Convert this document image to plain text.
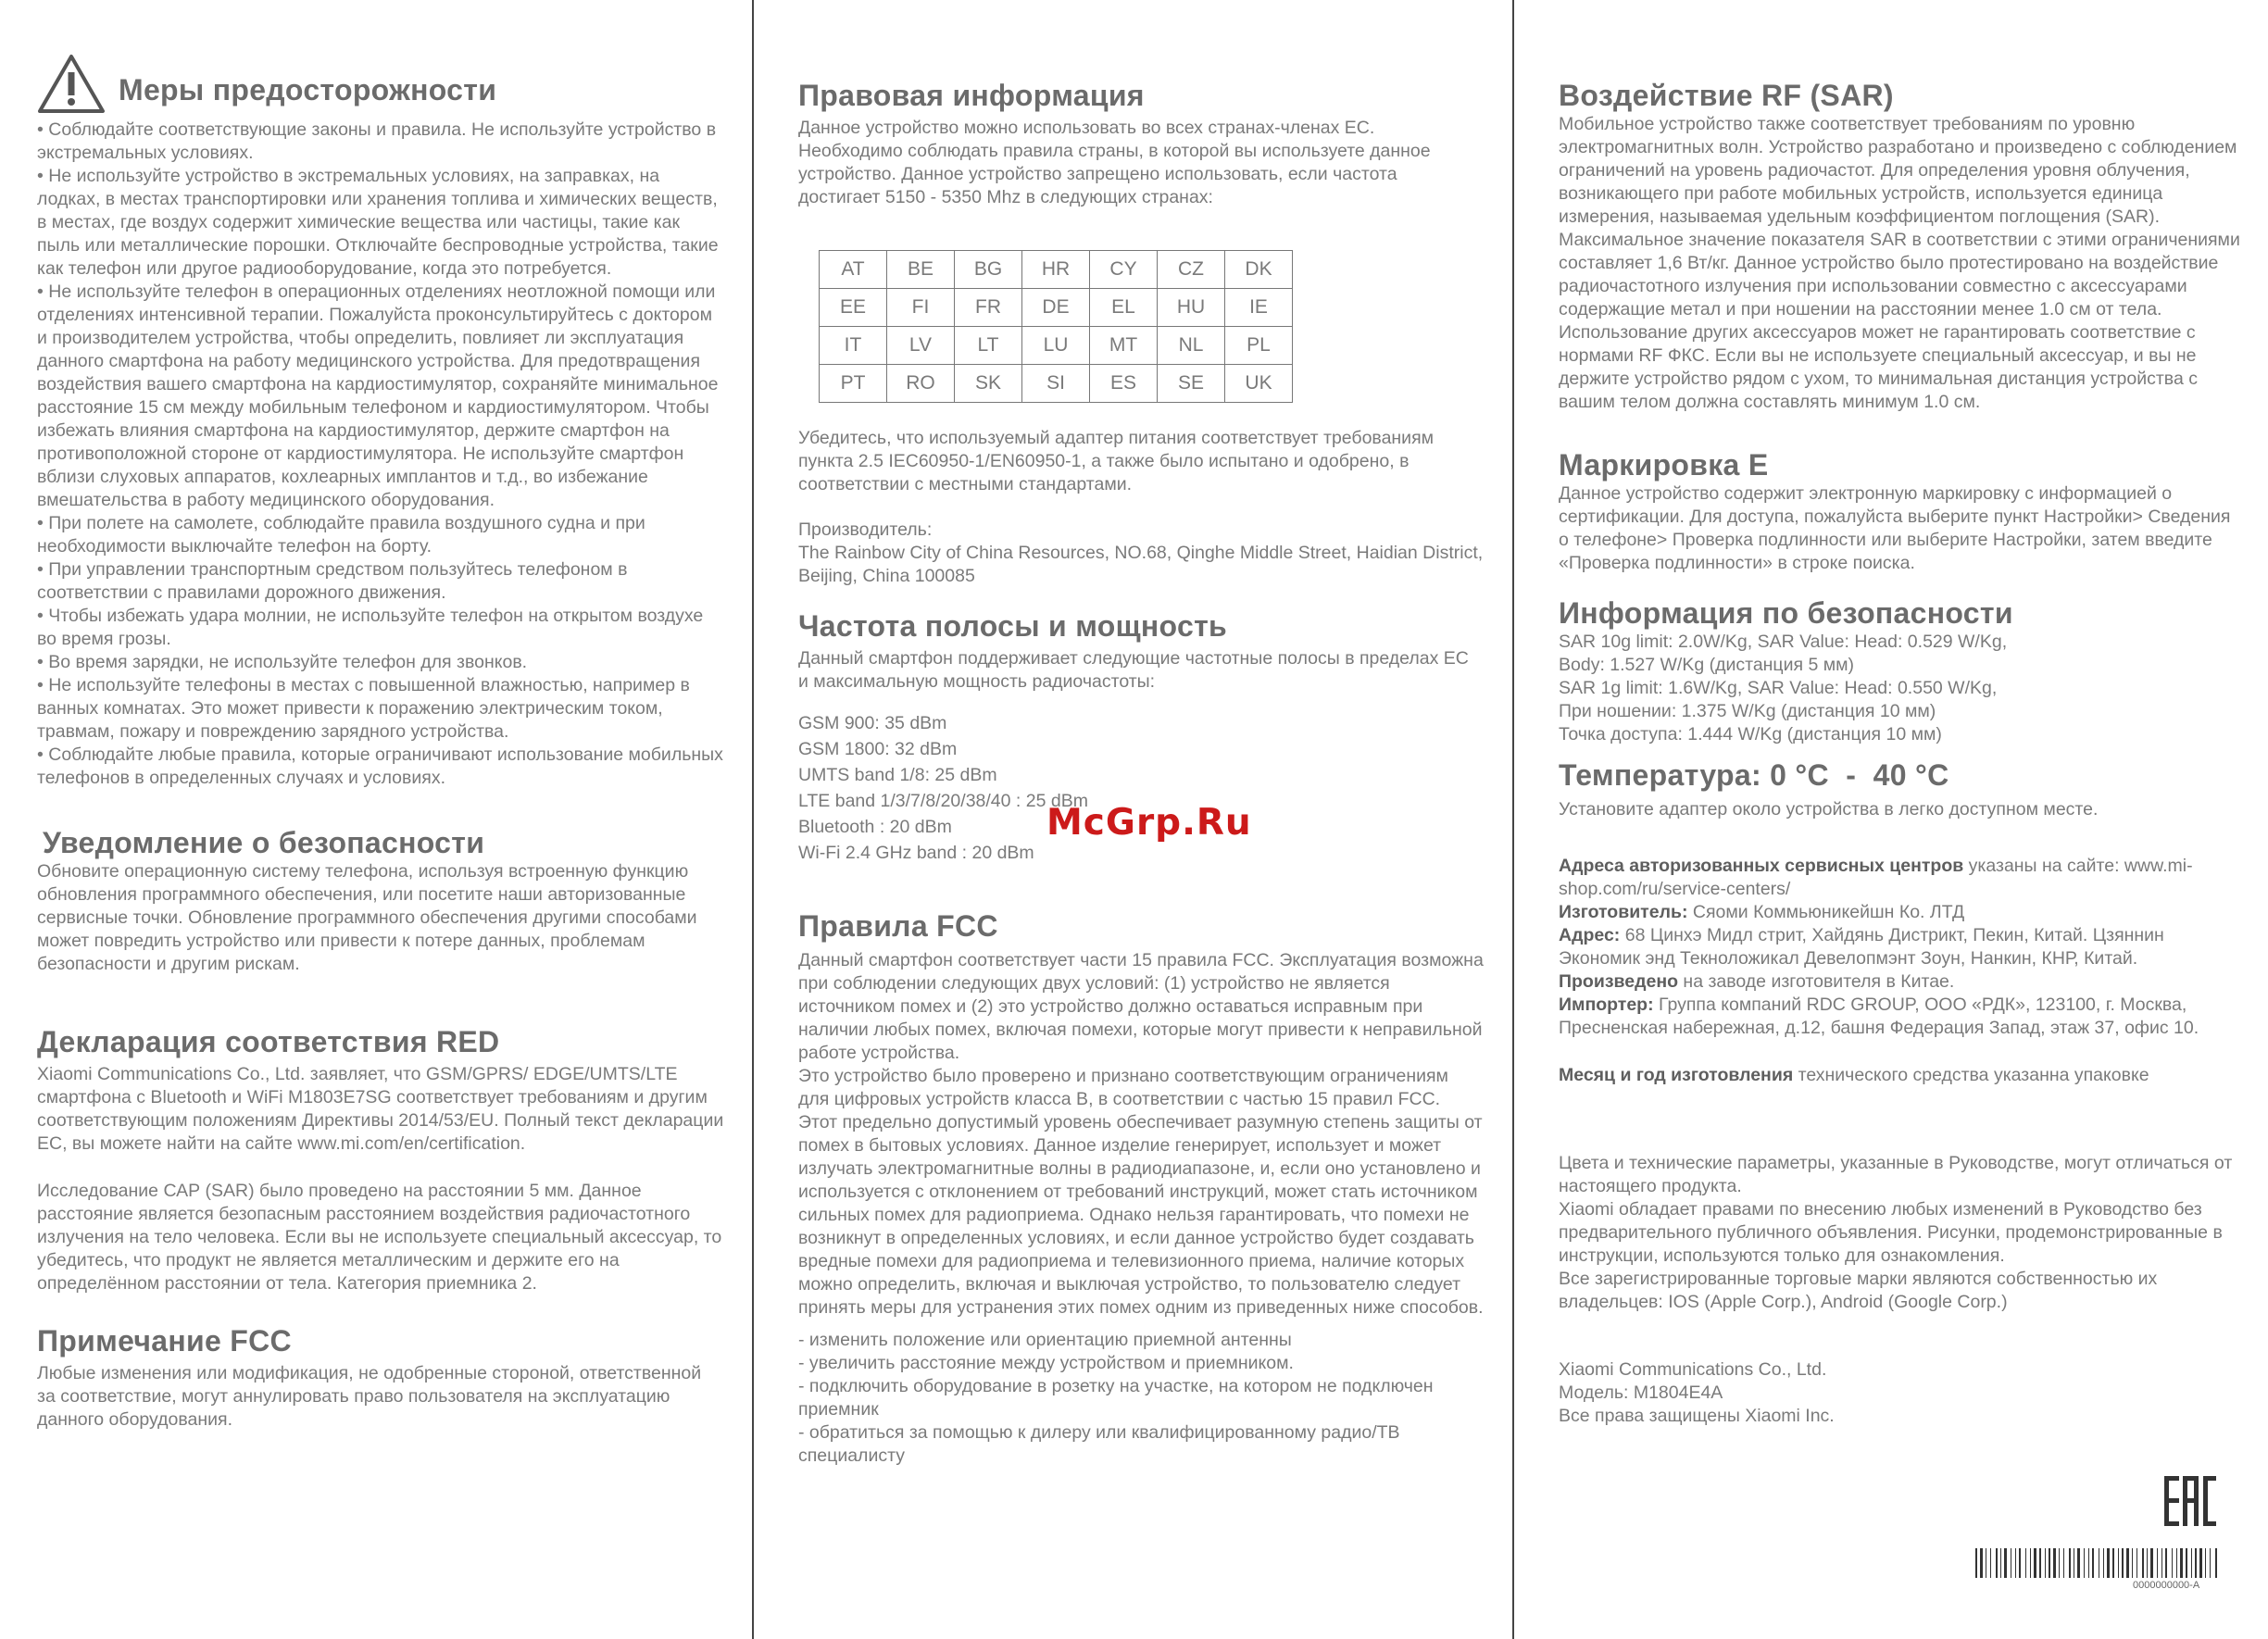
Меры предосторожности

• Соблюдайте соответствующие законы и правила. Не используйте устройство в экстремальных условиях.

• Не используйте устройство в экстремальных условиях, на заправках, на лодках, в местах транспортировки или хранения топлива и химических веществ, в местах, где воздух содержит химические вещества или частицы, такие как пыль или металлические порошки. Отключайте беспроводные устройства, такие как телефон или другое радиооборудование, когда это потребуется.

• Не используйте телефон в операционных отделениях неотложной помощи или отделениях интенсивной терапии. Пожалуйста проконсультируйтесь с доктором и производителем устройства, чтобы определить, повлияет ли эксплуатация данного смартфона на работу медицинского устройства. Для предотвращения воздействия вашего смартфона на кардиостимулятор, сохраняйте минимальное расстояние 15 см между мобильным телефоном и кардиостимулятором. Чтобы избежать влияния смартфона на кардиостимулятор, держите смартфон на противоположной стороне от кардиостимулятора. Не используйте смартфон вблизи слуховых аппаратов, кохлеарных имплантов и т.д., во избежание вмешательства в работу медицинского оборудования.

• При полете на самолете, соблюдайте правила воздушного судна и при необходимости выключайте телефон на борту.

• При управлении транспортным средством пользуйтесь телефоном в соответствии с правилами дорожного движения.

• Чтобы избежать удара молнии, не используйте телефон на открытом воздухе во время грозы.

• Во время зарядки, не используйте телефон для звонков.

• Не используйте телефоны в местах с повышенной влажностью, например в ванных комнатах. Это может привести к поражению электрическим током, травмам, пожару и повреждению зарядного устройства.

• Соблюдайте любые правила, которые ограничивают использование мобильных телефонов в определенных случаях и условиях.

Уведомление о безопасности

Обновите операционную систему телефона, используя встроенную функцию обновления программного обеспечения, или посетите наши авторизованные сервисные точки. Обновление программного обеспечения другими способами может повредить устройство или привести к потере данных, проблемам безопасности и другим рискам.

Декларация соответствия RED

Xiaomi Communications Co., Ltd. заявляет, что GSM/GPRS/ EDGE/UMTS/LTE смартфона с Bluetooth и WiFi M1803E7SG соответствует требованиям и другим соответствующим положениям Директивы 2014/53/EU. Полный текст декларации ЕС, вы можете найти на сайте www.mi.com/en/certification.

Исследование САР (SAR) было проведено на расстоянии 5 мм. Данное расстояние является безопасным расстоянием воздействия радиочастотного излучения на тело человека. Если вы не используете специальный аксессуар, то убедитесь, что продукт не является металлическим и держите его на определённом расстоянии от тела. Категория приемника 2.

Примечание FCC

Любые изменения или модификация, не одобренные стороной, ответственной за соответствие, могут аннулировать право пользователя на эксплуатацию данного оборудования.

Правовая информация

Данное устройство можно использовать во всех странах-членах ЕС. Необходимо соблюдать правила страны, в которой вы используете данное устройство. Данное устройство запрещено использовать, если частота достигает 5150 - 5350 Mhz в следующих странах:

AT	BE	BG	HR	CY	CZ	DK
EE	FI	FR	DE	EL	HU	IE
IT	LV	LT	LU	MT	NL	PL
PT	RO	SK	SI	ES	SE	UK

Убедитесь, что используемый адаптер питания соответствует требованиям пункта 2.5 IEC60950-1/EN60950-1, а также было испытано и одобрено, в соответствии с местными стандартами.

Производитель:

The Rainbow City of China Resources, NO.68, Qinghe Middle Street, Haidian District, Beijing, China 100085

Частота полосы и мощность

Данный смартфон поддерживает следующие частотные полосы в пределах ЕС и максимальную мощность радиочастоты:

GSM 900: 35 dBm

GSM 1800: 32 dBm

UMTS band 1/8: 25 dBm

LTE band 1/3/7/8/20/38/40 : 25 dBm

Bluetooth : 20 dBm

Wi-Fi 2.4 GHz band : 20 dBm

Правила FCC

Данный смартфон соответствует части 15 правила FCC. Эксплуатация возможна при соблюдении следующих двух условий: (1) устройство не является источником помех и (2) это устройство должно оставаться исправным при наличии любых помех, включая помехи, которые могут привести к неправильной работе устройства.
Это устройство было проверено и признано соответствующим ограничениям для цифровых устройств класса B, в соответствии с частью 15 правил FCC. Этот предельно допустимый уровень обеспечивает разумную степень защиты от помех в бытовых условиях. Данное изделие генерирует, использует и может излучать электромагнитные волны в радиодиапазоне, и, если оно установлено и используется с отклонением от требований инструкций, может стать источником сильных помех для радиоприема. Однако нельзя гарантировать, что помехи не возникнут в определенных условиях, и если данное устройство будет создавать вредные помехи для радиоприема и телевизионного приема, наличие которых можно определить, включая и выключая устройство, то пользователю следует принять меры для устранения этих помех одним из приведенных ниже способов.

- изменить положение или ориентацию приемной антенны

- увеличить расстояние между устройством и приемником.

- подключить оборудование в розетку на участке, на котором не подключен приемник

- обратиться за помощью к дилеру или квалифицированному радио/ТВ специалисту

Воздействие RF (SAR)

Мобильное устройство также соответствует требованиям по уровню электромагнитных волн. Устройство разработано и произведено с соблюдением ограничений на уровень радиочастот. Для определения уровня облучения, возникающего при работе мобильных устройств, используется единица измерения, называемая удельным коэффициентом поглощения (SAR). Максимальное значение показателя SAR в соответствии с этими ограничениями составляет 1,6 Вт/кг. Данное устройство было протестировано на воздействие радиочастотного излучения при использовании совместно с аксессуарами содержащие метал и при ношении на расстоянии менее 1.0 см от тела. Использование других аксессуаров может не гарантировать соответствие с нормами RF ФКС. Если вы не используете специальный аксессуар, и вы не держите устройство рядом с ухом, то минимальная дистанция устройства с вашим телом должна составлять минимум 1.0 см.

Маркировка E

Данное устройство содержит электронную маркировку с информацией о сертификации. Для доступа, пожалуйста выберите пункт Настройки> Сведения о телефоне> Проверка подлинности или выберите Настройки, затем введите «Проверка подлинности» в строке поиска.

Информация по безопасности

SAR 10g limit: 2.0W/Kg, SAR Value: Head: 0.529 W/Kg,

Body: 1.527 W/Kg (дистанция 5 мм)

SAR 1g limit: 1.6W/Kg, SAR Value: Head: 0.550 W/Kg,

При ношении: 1.375 W/Kg (дистанция 10 мм)

Точка доступа: 1.444 W/Kg (дистанция 10 мм)

Температура: 0 °C  -  40 °C

Установите адаптер около устройства в легко доступном месте.

Адреса авторизованных сервисных центров указаны на сайте: www.mi-shop.com/ru/service-centers/

Изготовитель: Сяоми Коммьюникейшн Ко. ЛТД

Адрес: 68 Цинхэ Мидл стрит, Хайдянь Дистрикт, Пекин, Китай. Цзяннин Экономик энд Текноложикал Девелопмэнт Зоун, Нанкин, КНР, Китай.

Произведено на заводе изготовителя в Китае.

Импортер: Группа компаний RDC GROUP, ООО «РДК», 123100, г. Москва, Пресненская набережная, д.12, башня Федерация Запад, этаж 37, офис 10.

Месяц и год изготовления технического средства указанна упаковке

Цвета и технические параметры, указанные в Руководстве, могут отличаться от настоящего продукта.
Xiaomi обладает правами по внесению любых изменений в Руководство без предварительного публичного объявления. Рисунки, продемонстрированные в инструкции, используются только для ознакомления.
Все зарегистрированные торговые марки являются собственностью их владельцев: IOS (Apple Corp.), Android (Google Corp.)

Xiaomi Communications Co., Ltd.

Модель: M1804E4A

Все права защищены Xiaomi Inc.

McGrp.Ru
0000000000-A
